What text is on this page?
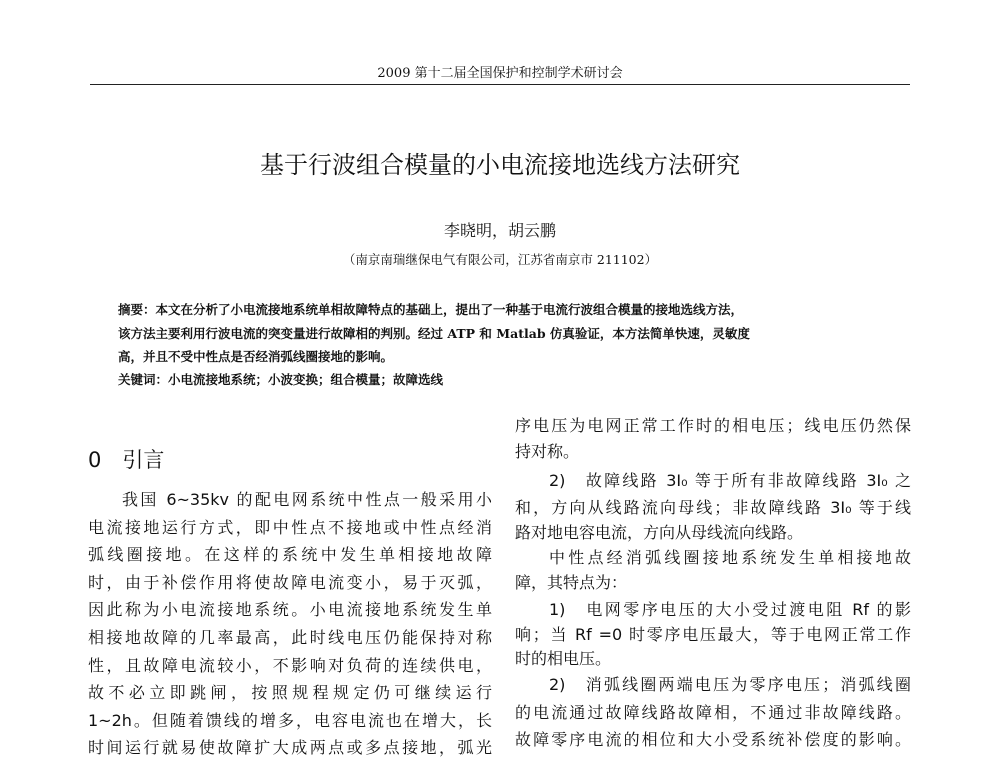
2009 第十二届全国保护和控制学术研讨会
基于行波组合模量的小电流接地选线方法研究
李晓明，胡云鹏
（南京南瑞继保电气有限公司，江苏省南京市 211102）
摘要：本文在分析了小电流接地系统单相故障特点的基础上，提出了一种基于电流行波组合模量的接地选线方法，
该方法主要利用行波电流的突变量进行故障相的判别。经过 ATP 和 Matlab 仿真验证，本方法简单快速，灵敏度
高，并且不受中性点是否经消弧线圈接地的影响。
关键词：小电流接地系统；小波变换；组合模量；故障选线
0　引言
我国 6~35kv 的配电网系统中性点一般采用小
电流接地运行方式，即中性点不接地或中性点经消
弧线圈接地。在这样的系统中发生单相接地故障
时，由于补偿作用将使故障电流变小，易于灭弧，
因此称为小电流接地系统。小电流接地系统发生单
相接地故障的几率最高，此时线电压仍能保持对称
性，且故障电流较小，不影响对负荷的连续供电，
故不必立即跳闸，按照规程规定仍可继续运行
1~2h。但随着馈线的增多，电容电流也在增大，长
时间运行就易使故障扩大成两点或多点接地，弧光
序电压为电网正常工作时的相电压；线电压仍然保
持对称。
2)　故障线路 3I₀ 等于所有非故障线路 3I₀ 之
和，方向从线路流向母线；非故障线路 3I₀ 等于线
路对地电容电流，方向从母线流向线路。
中性点经消弧线圈接地系统发生单相接地故
障，其特点为：
1)　电网零序电压的大小受过渡电阻 Rf 的影
响；当 Rf =0 时零序电压最大，等于电网正常工作
时的相电压。
2)　消弧线圈两端电压为零序电压；消弧线圈
的电流通过故障线路故障相，不通过非故障线路。
故障零序电流的相位和大小受系统补偿度的影响。
